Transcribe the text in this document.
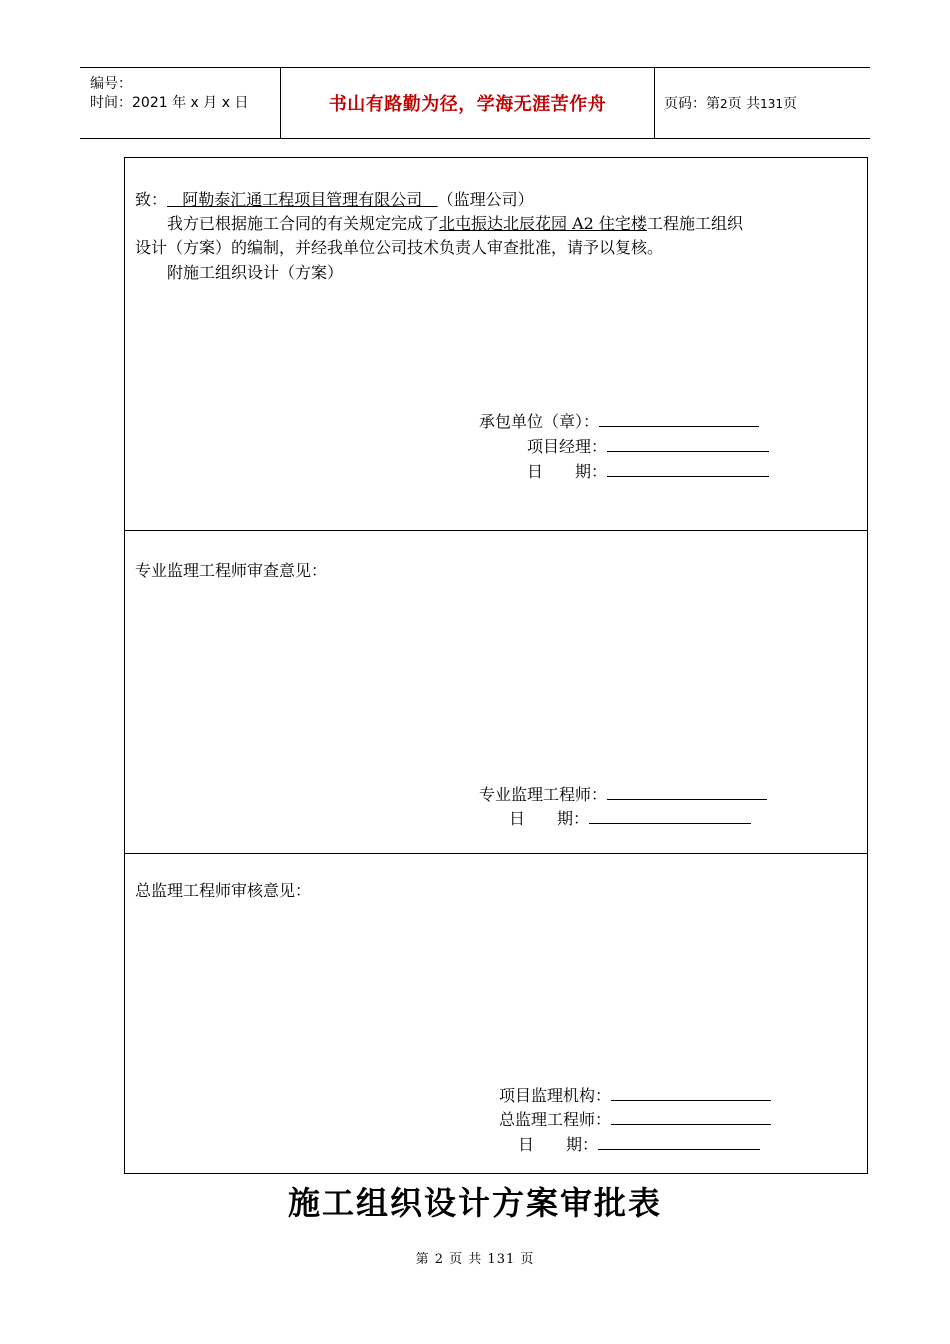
编号：
时间：2021 年 x 月 x 日	书山有路勤为径，学海无涯苦作舟	页码：第2页 共131页
致： 阿勒泰汇通工程项目管理有限公司 （监理公司）
我方已根据施工合同的有关规定完成了北屯振达北辰花园 A2 住宅楼工程施工组织
设计（方案）的编制，并经我单位公司技术负责人审查批准，请予以复核。
附施工组织设计（方案）
承包单位（章）：
项目经理：
日　　期：
专业监理工程师审查意见：
专业监理工程师：
日　　期：
总监理工程师审核意见：
项目监理机构：
总监理工程师：
日　　期：
施工组织设计方案审批表
第 2 页 共 131 页
